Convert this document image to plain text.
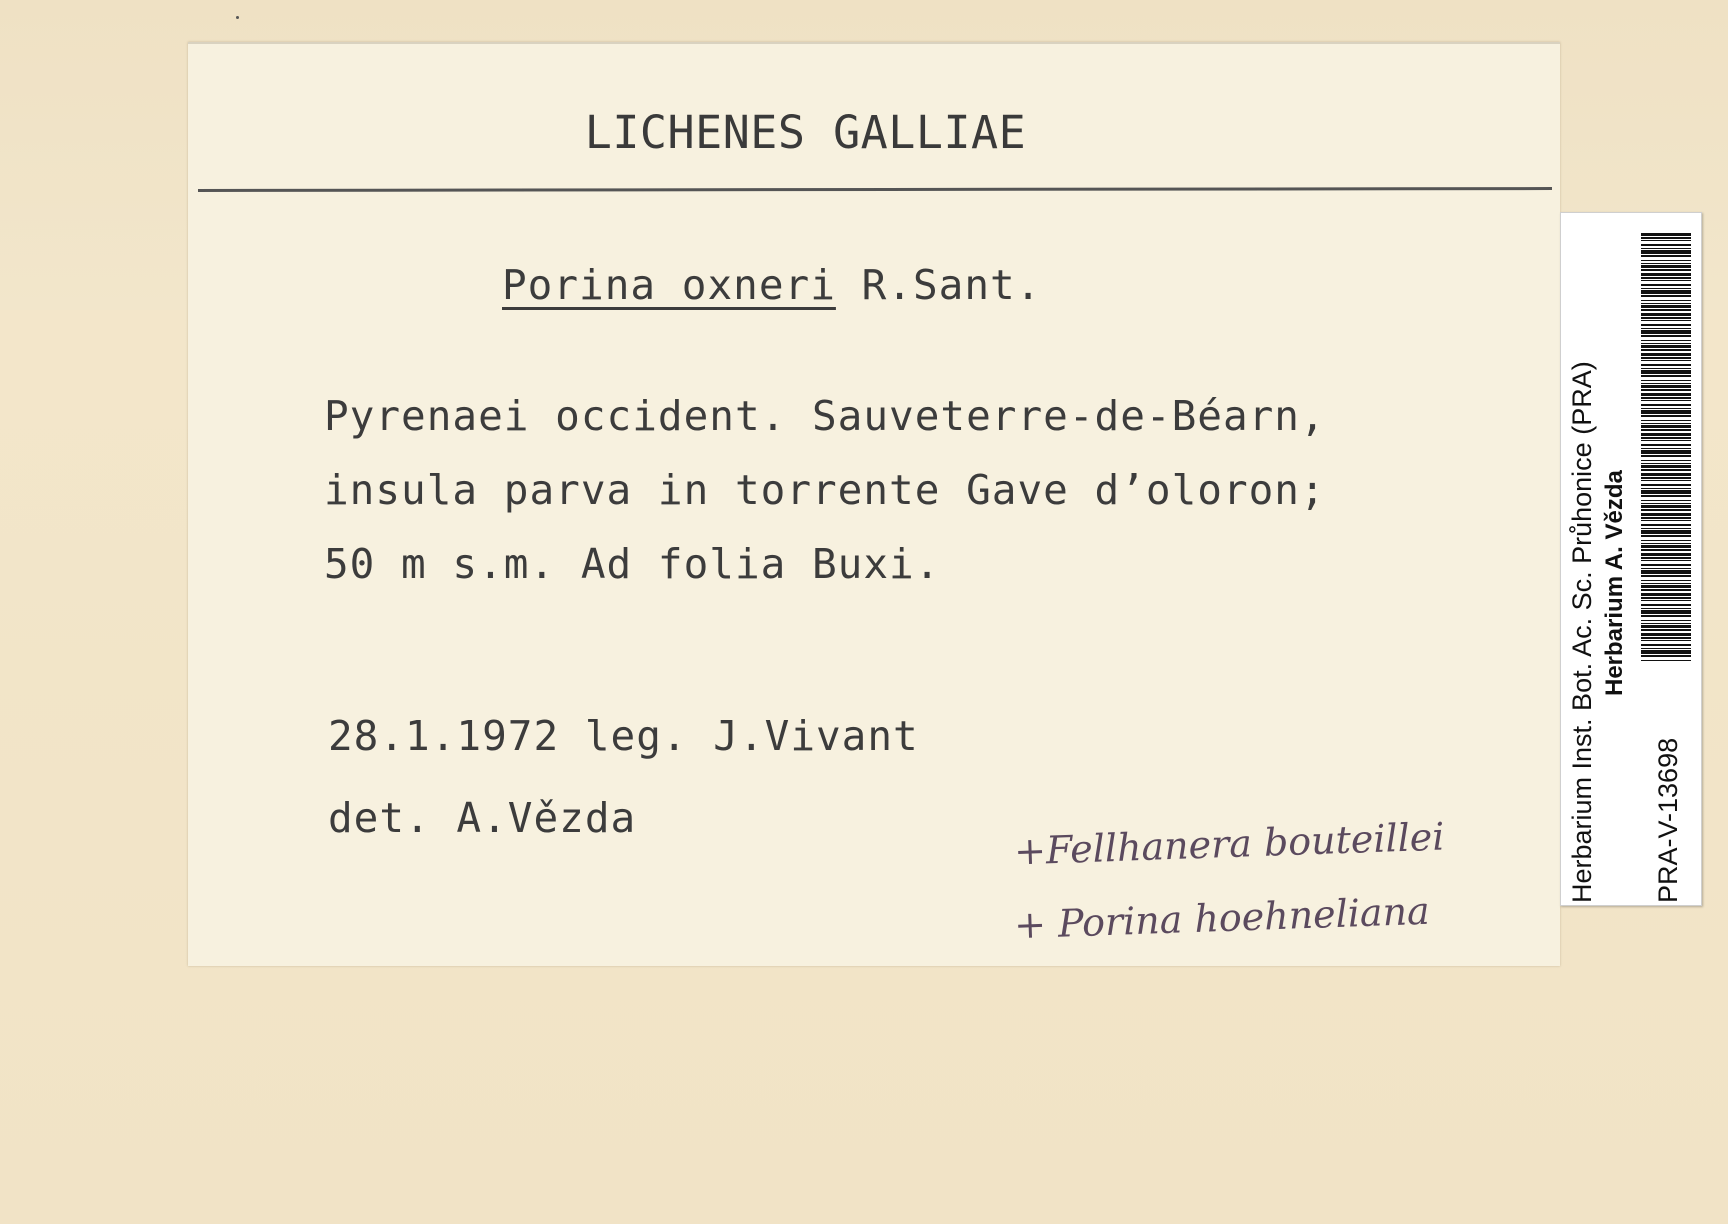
LICHENES GALLIAE
Porina oxneri R.Sant.
Pyrenaei occident. Sauveterre-de-Béarn,
insula parva in torrente Gave d’oloron;
50 m s.m. Ad folia Buxi.
28.1.1972 leg. J.Vivant
det. A.Vězda	+Fellhanera bouteillei
+ Porina hoehneliana
Herbarium Inst. Bot. Ac. Sc. Průhonice (PRA) Herbarium A. Vězda
PRA-V-13698
